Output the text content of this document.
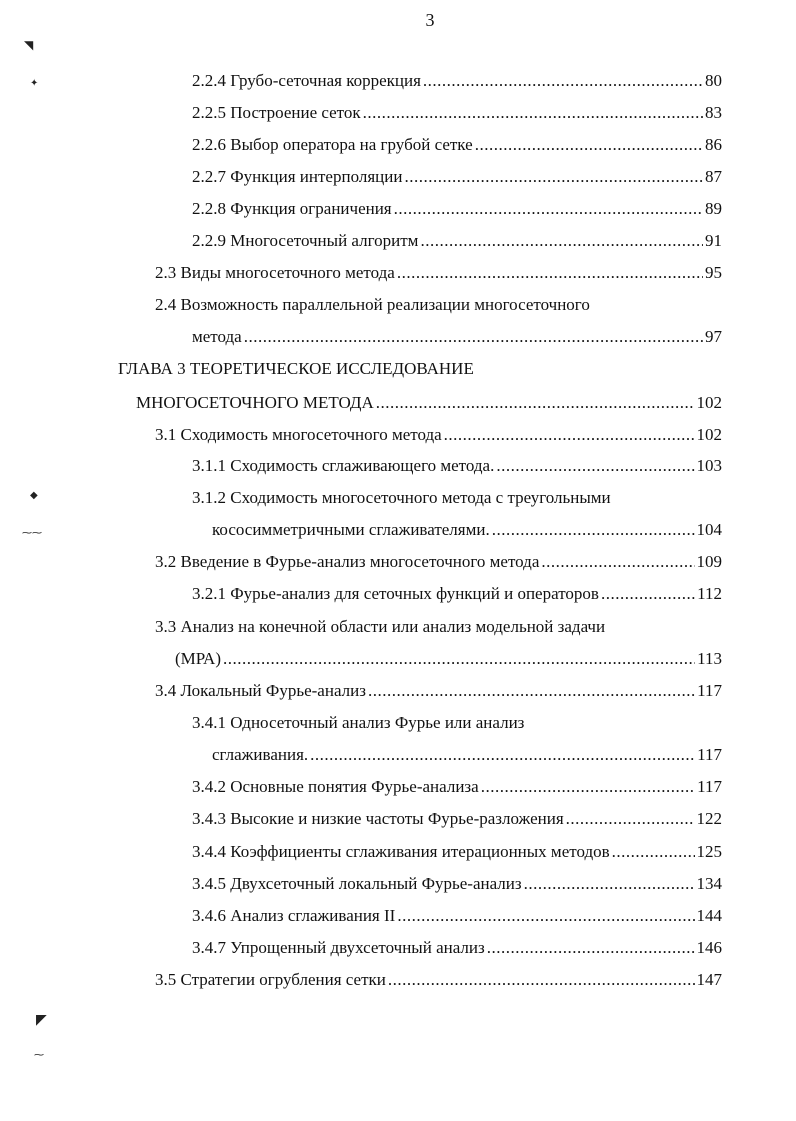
3
◥
✦
◆
⁓⁓
◤
⁓
2.2.4 Грубо-сеточная коррекция .....	80
2.2.5 Построение сеток .....	83
2.2.6 Выбор оператора на грубой сетке .....	86
2.2.7 Функция интерполяции .....	87
2.2.8 Функция ограничения .....	89
2.2.9 Многосеточный алгоритм .....	91
2.3 Виды многосеточного метода .....	95
2.4 Возможность параллельной реализации многосеточного
метода .....	97
ГЛАВА 3 ТЕОРЕТИЧЕСКОЕ ИССЛЕДОВАНИЕ
МНОГОСЕТОЧНОГО МЕТОДА .....	102
3.1 Сходимость многосеточного метода .....	102
3.1.1 Сходимость сглаживающего метода. .....	103
3.1.2 Сходимость многосеточного метода с треугольными
кососимметричными сглаживателями. .....	104
3.2 Введение в Фурье-анализ многосеточного метода .....	109
3.2.1 Фурье-анализ для сеточных функций и операторов .....	112
3.3 Анализ на конечной области или анализ модельной задачи
(МРА) .....	113
3.4 Локальный Фурье-анализ .....	117
3.4.1 Односеточный анализ Фурье или анализ
сглаживания. .....	117
3.4.2 Основные понятия Фурье-анализа .....	117
3.4.3 Высокие и низкие частоты Фурье-разложения .....	122
3.4.4 Коэффициенты сглаживания итерационных методов .....	125
3.4.5 Двухсеточный локальный Фурье-анализ .....	134
3.4.6 Анализ сглаживания II .....	144
3.4.7 Упрощенный двухсеточный анализ .....	146
3.5 Стратегии огрубления сетки .....	147
